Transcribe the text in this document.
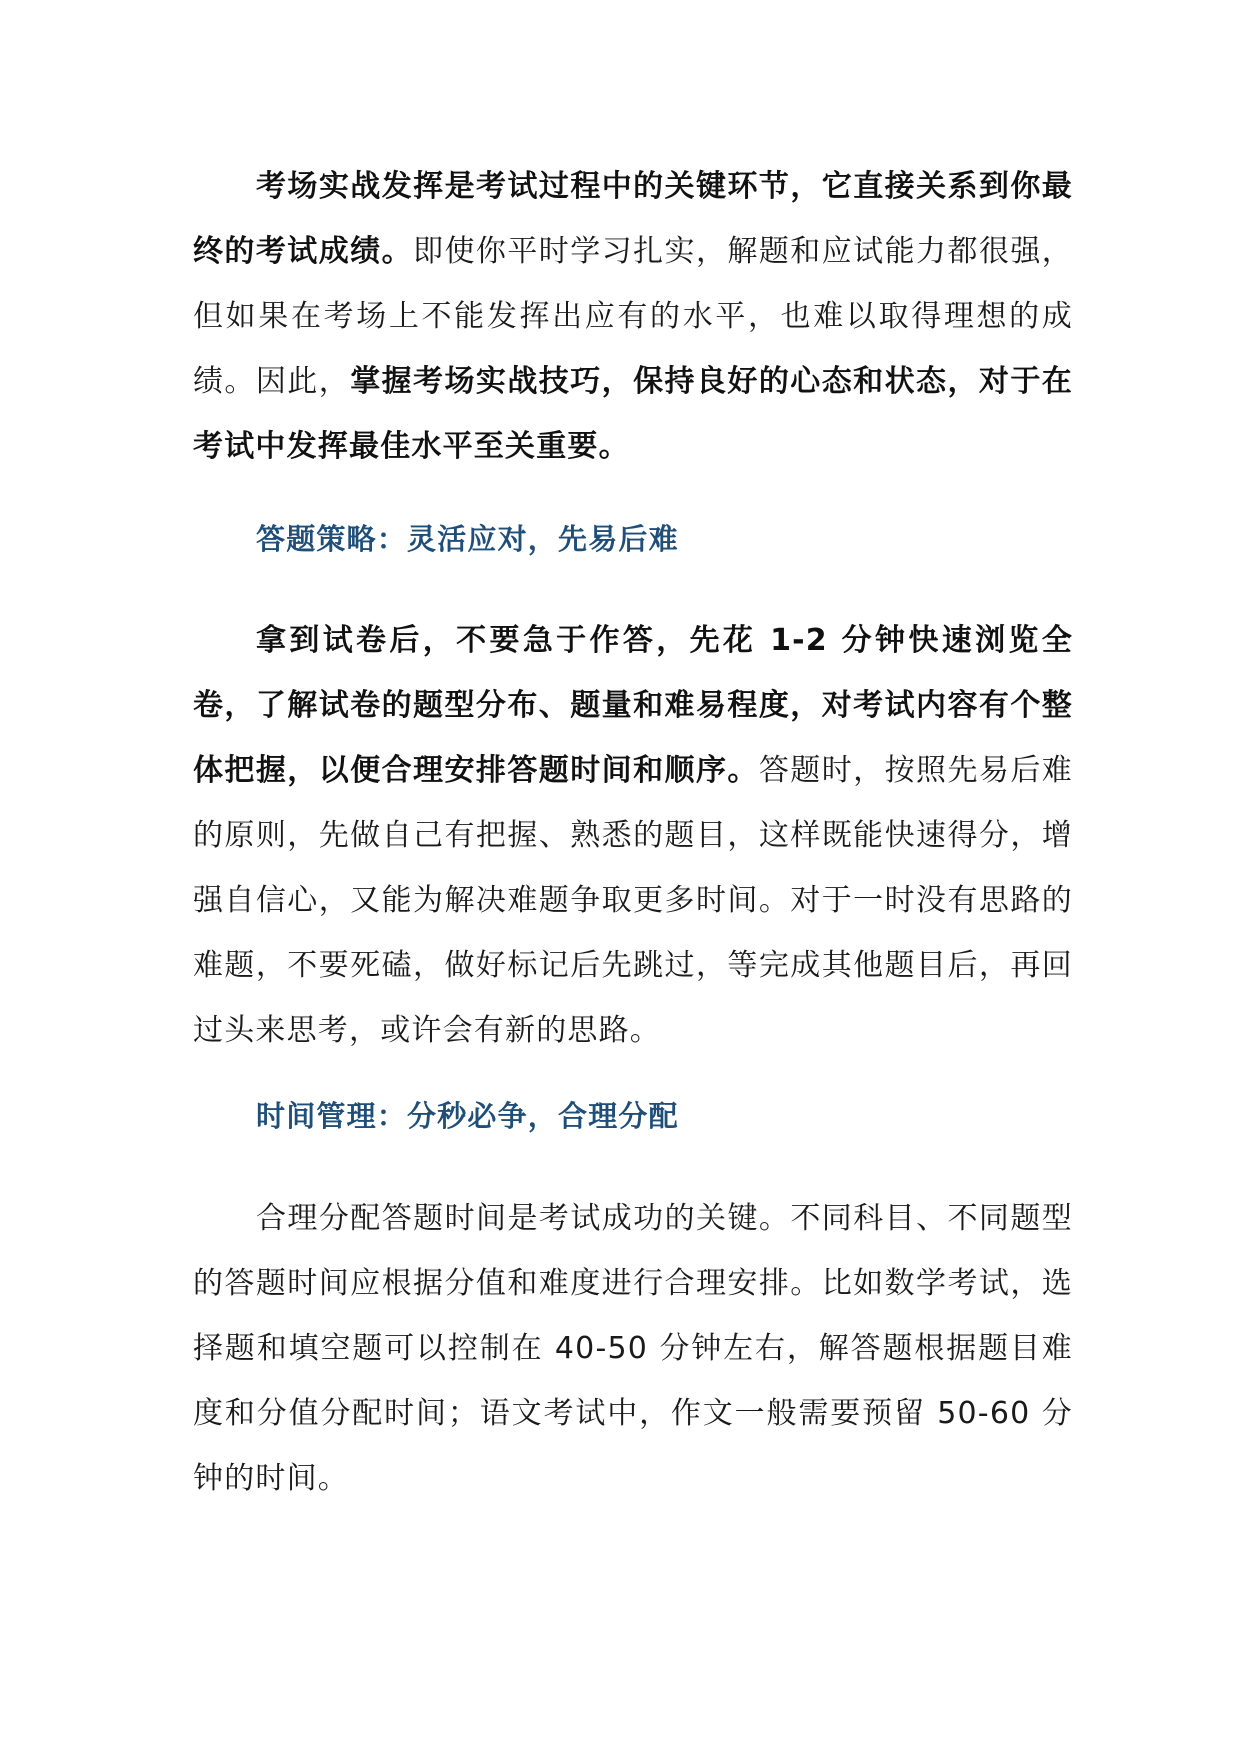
考场实战发挥是考试过程中的关键环节，它直接关系到你最终的考试成绩。即使你平时学习扎实，解题和应试能力都很强，但如果在考场上不能发挥出应有的水平，也难以取得理想的成绩。因此，掌握考场实战技巧，保持良好的心态和状态，对于在考试中发挥最佳水平至关重要。

答题策略：灵活应对，先易后难

拿到试卷后，不要急于作答，先花 1-2 分钟快速浏览全卷，了解试卷的题型分布、题量和难易程度，对考试内容有个整体把握，以便合理安排答题时间和顺序。答题时，按照先易后难的原则，先做自己有把握、熟悉的题目，这样既能快速得分，增强自信心，又能为解决难题争取更多时间。对于一时没有思路的难题，不要死磕，做好标记后先跳过，等完成其他题目后，再回过头来思考，或许会有新的思路。

时间管理：分秒必争，合理分配

合理分配答题时间是考试成功的关键。不同科目、不同题型的答题时间应根据分值和难度进行合理安排。比如数学考试，选择题和填空题可以控制在 40-50 分钟左右，解答题根据题目难度和分值分配时间；语文考试中，作文一般需要预留 50-60 分钟的时间。
